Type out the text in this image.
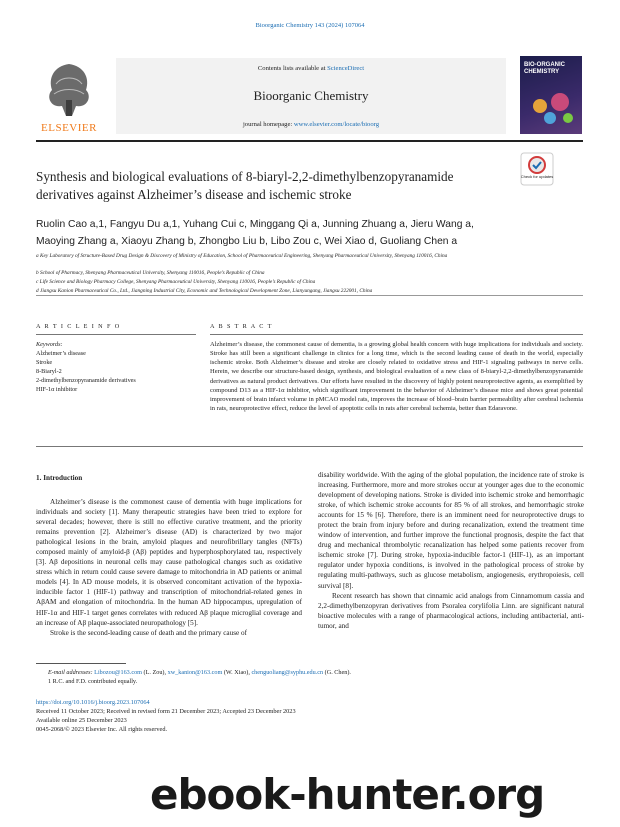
Bioorganic Chemistry 143 (2024) 107064
ELSEVIER
Contents lists available at ScienceDirect
Bioorganic Chemistry
journal homepage: www.elsevier.com/locate/bioorg
BIO-ORGANIC CHEMISTRY
Synthesis and biological evaluations of 8-biaryl-2,2-dimethylbenzopyranamide derivatives against Alzheimer’s disease and ischemic stroke
Check for updates
Ruolin Cao a,1, Fangyu Du a,1, Yuhang Cui c, Minggang Qi a, Junning Zhuang a, Jieru Wang a,
Maoying Zhang a, Xiaoyu Zhang b, Zhongbo Liu b, Libo Zou c, Wei Xiao d, Guoliang Chen a
a Key Laboratory of Structure-Based Drug Design & Discovery of Ministry of Education, School of Pharmaceutical Engineering, Shenyang Pharmaceutical University, Shenyang 110016, China
b School of Pharmacy, Shenyang Pharmaceutical University, Shenyang 110016, People’s Republic of China
c Life Science and Biology Pharmacy College, Shenyang Pharmaceutical University, Shenyang 110016, People’s Republic of China
d Jiangsu Kanion Pharmaceutical Co., Ltd., Jiangning Industrial City, Economic and Technological Development Zone, Lianyungang, Jiangsu 222001, China
A R T I C L E I N F O	A B S T R A C T
Keywords:
Alzheimer’s disease
Stroke
8-Biaryl-2
2-dimethylbenzopyranamide derivatives
HIF-1α inhibitor
Alzheimer’s disease, the commonest cause of dementia, is a growing global health concern with huge implications for individuals and society. Stroke has still been a significant challenge in clinics for a long time, which is the second leading cause of death in the world, especially ischemic stroke. Both Alzheimer’s disease and stroke are closely related to oxidative stress and HIF-1 signaling pathways in nerve cells. Herein, we describe our structure-based design, synthesis, and biological evaluation of a new class of 8-biaryl-2,2-dimethylbenzopyranamide derivatives as natural product derivatives. Our efforts have resulted in the discovery of highly potent neuroprotective agents, as exemplified by compound D13 as a HIF-1α inhibitor, which significant improvement in the behavior of Alzheimer’s disease mice and shows great potential improvement of brain infarct volume in pMCAO model rats, improves the increase of blood–brain barrier permeability after cerebral ischemia in rats, neuroprotective effect, reduce the level of apoptotic cells in rats after cerebral ischemia, better than Edaravone.
1. Introduction

Alzheimer’s disease is the commonest cause of dementia with huge implications for individuals and society [1]. Many therapeutic strategies have been tried to explore for several decades; however, there is still no effective curative treatment, and the priority remains prevention [2]. Alzheimer’s disease (AD) is characterized by two major pathological lesions in the brain, amyloid plaques and neurofibrillary tangles (NFTs) composed mainly of amyloid-β (Aβ) peptides and hyperphosphorylated tau, respectively [3]. Aβ depositions in neuronal cells may cause pathological changes such as oxidative stress which in return could cause severe damage to mitochondria in AD patients or animal models [4]. In AD mouse models, it is observed concomitant activation of the hypoxia-inducible factor 1 (HIF-1) pathway and transcription of mitochondrial-related genes in AβAM and elongation of mitochondria. In the human AD hippocampus, upregulation of HIF-1α and HIF-1 target genes correlates with reduced Aβ plaque microglial coverage and an increase of Aβ plaque-associated neuropathology [5].

Stroke is the second-leading cause of death and the primary cause of

disability worldwide. With the aging of the global population, the incidence rate of stroke is increasing. Furthermore, more and more strokes occur at younger ages due to the economic development of developing nations. Stroke is divided into ischemic stroke and hemorrhagic stroke, of which ischemic stroke accounts for 85 % of all strokes, and hemorrhagic stroke accounts for 15 % [6]. Therefore, there is an imminent need for neuroprotective drugs to protect the brain from injury before and during recanalization, extend the treatment time window of intervention, and further improve the functional prognosis, despite the fact that drug and mechanical thrombolytic recanalization has helped some patients recover from ischemic stroke [7]. During stroke, hypoxia-inducible factor-1 (HIF-1), as an important regulator under hypoxia conditions, is involved in the pathological process of stroke by regulating multi-pathways, such as glucose metabolism, angiogenesis, erythropoiesis, cell survival [8].

Recent research has shown that cinnamic acid analogs from Cinnamomum cassia and 2,2-dimethylbenzopyran derivatives from Psoralea corylifolia Linn. are significant natural bioactive molecules with a range of pharmacological actions, including antibacterial, anti-tumor, and

E-mail addresses: Libozou@163.com (L. Zou), xw_kanion@163.com (W. Xiao), chenguoliang@syphu.edu.cn (G. Chen).
1 R.C. and F.D. contributed equally.
https://doi.org/10.1016/j.bioorg.2023.107064
Received 11 October 2023; Received in revised form 21 December 2023; Accepted 23 December 2023
Available online 25 December 2023
0045-2068/© 2023 Elsevier Inc. All rights reserved.
ebook-hunter.org
